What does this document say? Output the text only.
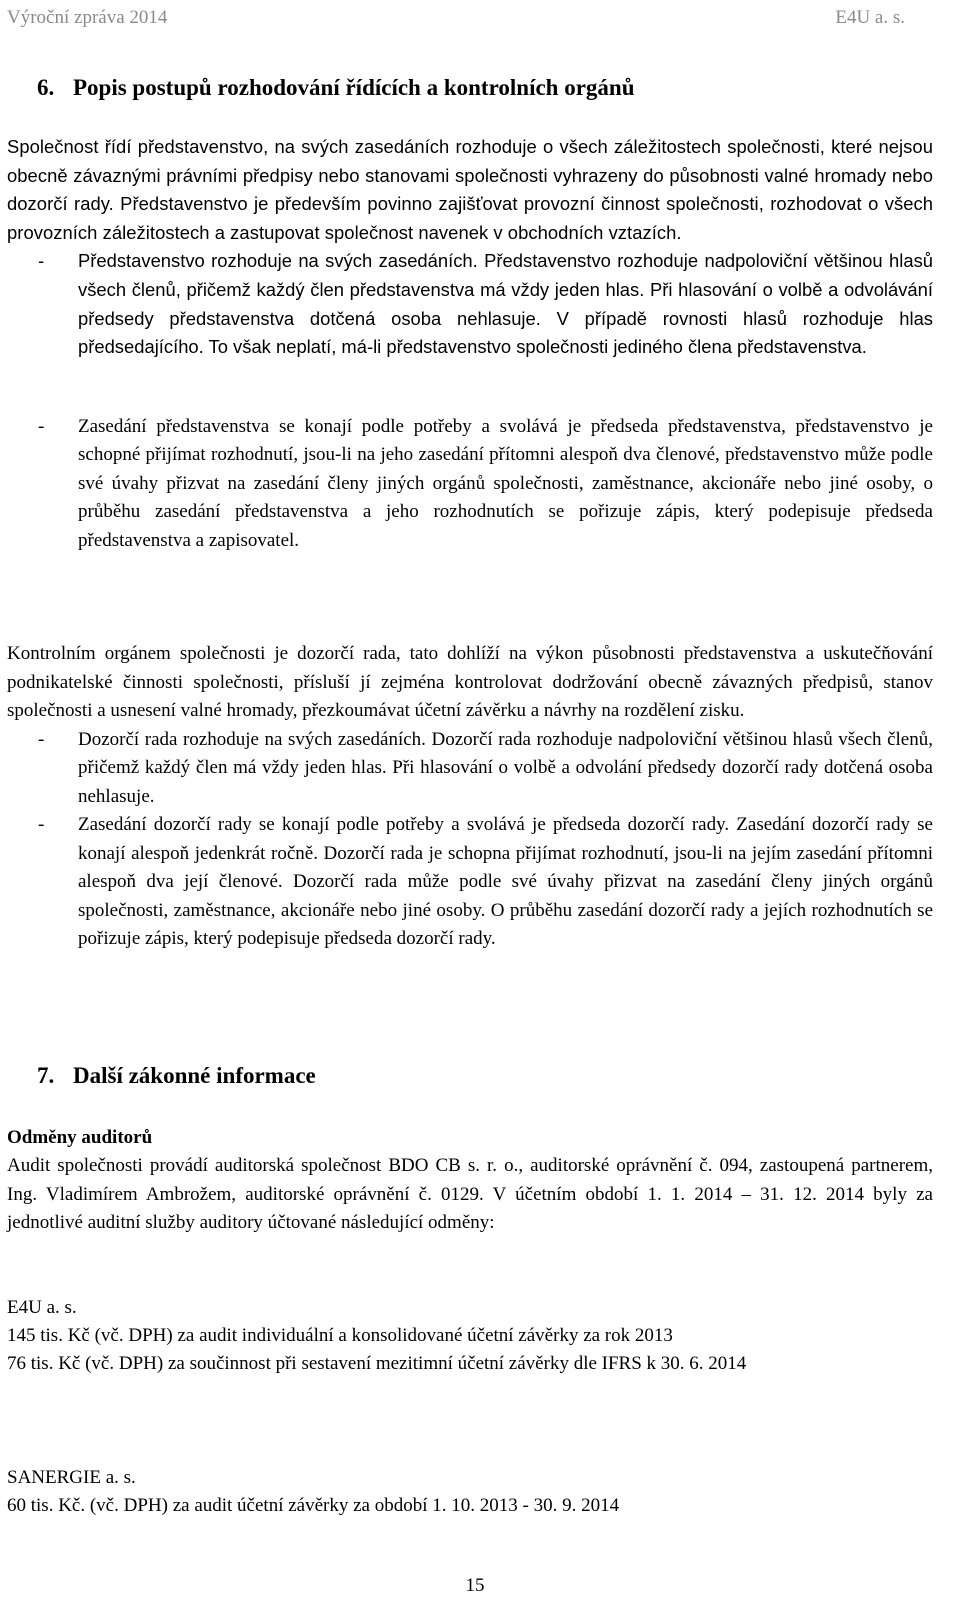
Výroční zpráva 2014	E4U a. s.
6. Popis postupů rozhodování řídících a kontrolních orgánů

Společnost řídí představenstvo, na svých zasedáních rozhoduje o všech záležitostech společnosti, které nejsou obecně závaznými právními předpisy nebo stanovami společnosti vyhrazeny do působnosti valné hromady nebo dozorčí rady. Představenstvo je především povinno zajišťovat provozní činnost společnosti, rozhodovat o všech provozních záležitostech a zastupovat společnost navenek v obchodních vztazích.

- Představenstvo rozhoduje na svých zasedáních. Představenstvo rozhoduje nadpoloviční většinou hlasů všech členů, přičemž každý člen představenstva má vždy jeden hlas. Při hlasování o volbě a odvolávání předsedy představenstva dotčená osoba nehlasuje. V případě rovnosti hlasů rozhoduje hlas předsedajícího. To však neplatí, má-li představenstvo společnosti jediného člena představenstva.
- Zasedání představenstva se konají podle potřeby a svolává je předseda představenstva, představenstvo je schopné přijímat rozhodnutí, jsou-li na jeho zasedání přítomni alespoň dva členové, představenstvo může podle své úvahy přizvat na zasedání členy jiných orgánů společnosti, zaměstnance, akcionáře nebo jiné osoby, o průběhu zasedání představenstva a jeho rozhodnutích se pořizuje zápis, který podepisuje předseda představenstva a zapisovatel.

Kontrolním orgánem společnosti je dozorčí rada, tato dohlíží na výkon působnosti představenstva a uskutečňování podnikatelské činnosti společnosti, přísluší jí zejména kontrolovat dodržování obecně závazných předpisů, stanov společnosti a usnesení valné hromady, přezkoumávat účetní závěrku a návrhy na rozdělení zisku.

- Dozorčí rada rozhoduje na svých zasedáních. Dozorčí rada rozhoduje nadpoloviční většinou hlasů všech členů, přičemž každý člen má vždy jeden hlas. Při hlasování o volbě a odvolání předsedy dozorčí rady dotčená osoba nehlasuje.
- Zasedání dozorčí rady se konají podle potřeby a svolává je předseda dozorčí rady. Zasedání dozorčí rady se konají alespoň jedenkrát ročně. Dozorčí rada je schopna přijímat rozhodnutí, jsou-li na jejím zasedání přítomni alespoň dva její členové. Dozorčí rada může podle své úvahy přizvat na zasedání členy jiných orgánů společnosti, zaměstnance, akcionáře nebo jiné osoby. O průběhu zasedání dozorčí rady a jejích rozhodnutích se pořizuje zápis, který podepisuje předseda dozorčí rady.
7. Další zákonné informace
Odměny auditorů

Audit společnosti provádí auditorská společnost BDO CB s. r. o., auditorské oprávnění č. 094, zastoupená partnerem, Ing. Vladimírem Ambrožem, auditorské oprávnění č. 0129. V účetním období 1. 1. 2014 – 31. 12. 2014 byly za jednotlivé auditní služby auditory účtované následující odměny:

E4U a. s.
145 tis. Kč (vč. DPH) za audit individuální a konsolidované účetní závěrky za rok 2013

76 tis. Kč (vč. DPH) za součinnost při sestavení mezitimní účetní závěrky dle IFRS k 30. 6. 2014

SANERGIE a. s.
60 tis. Kč. (vč. DPH) za audit účetní závěrky za období 1. 10. 2013 - 30. 9. 2014
15
